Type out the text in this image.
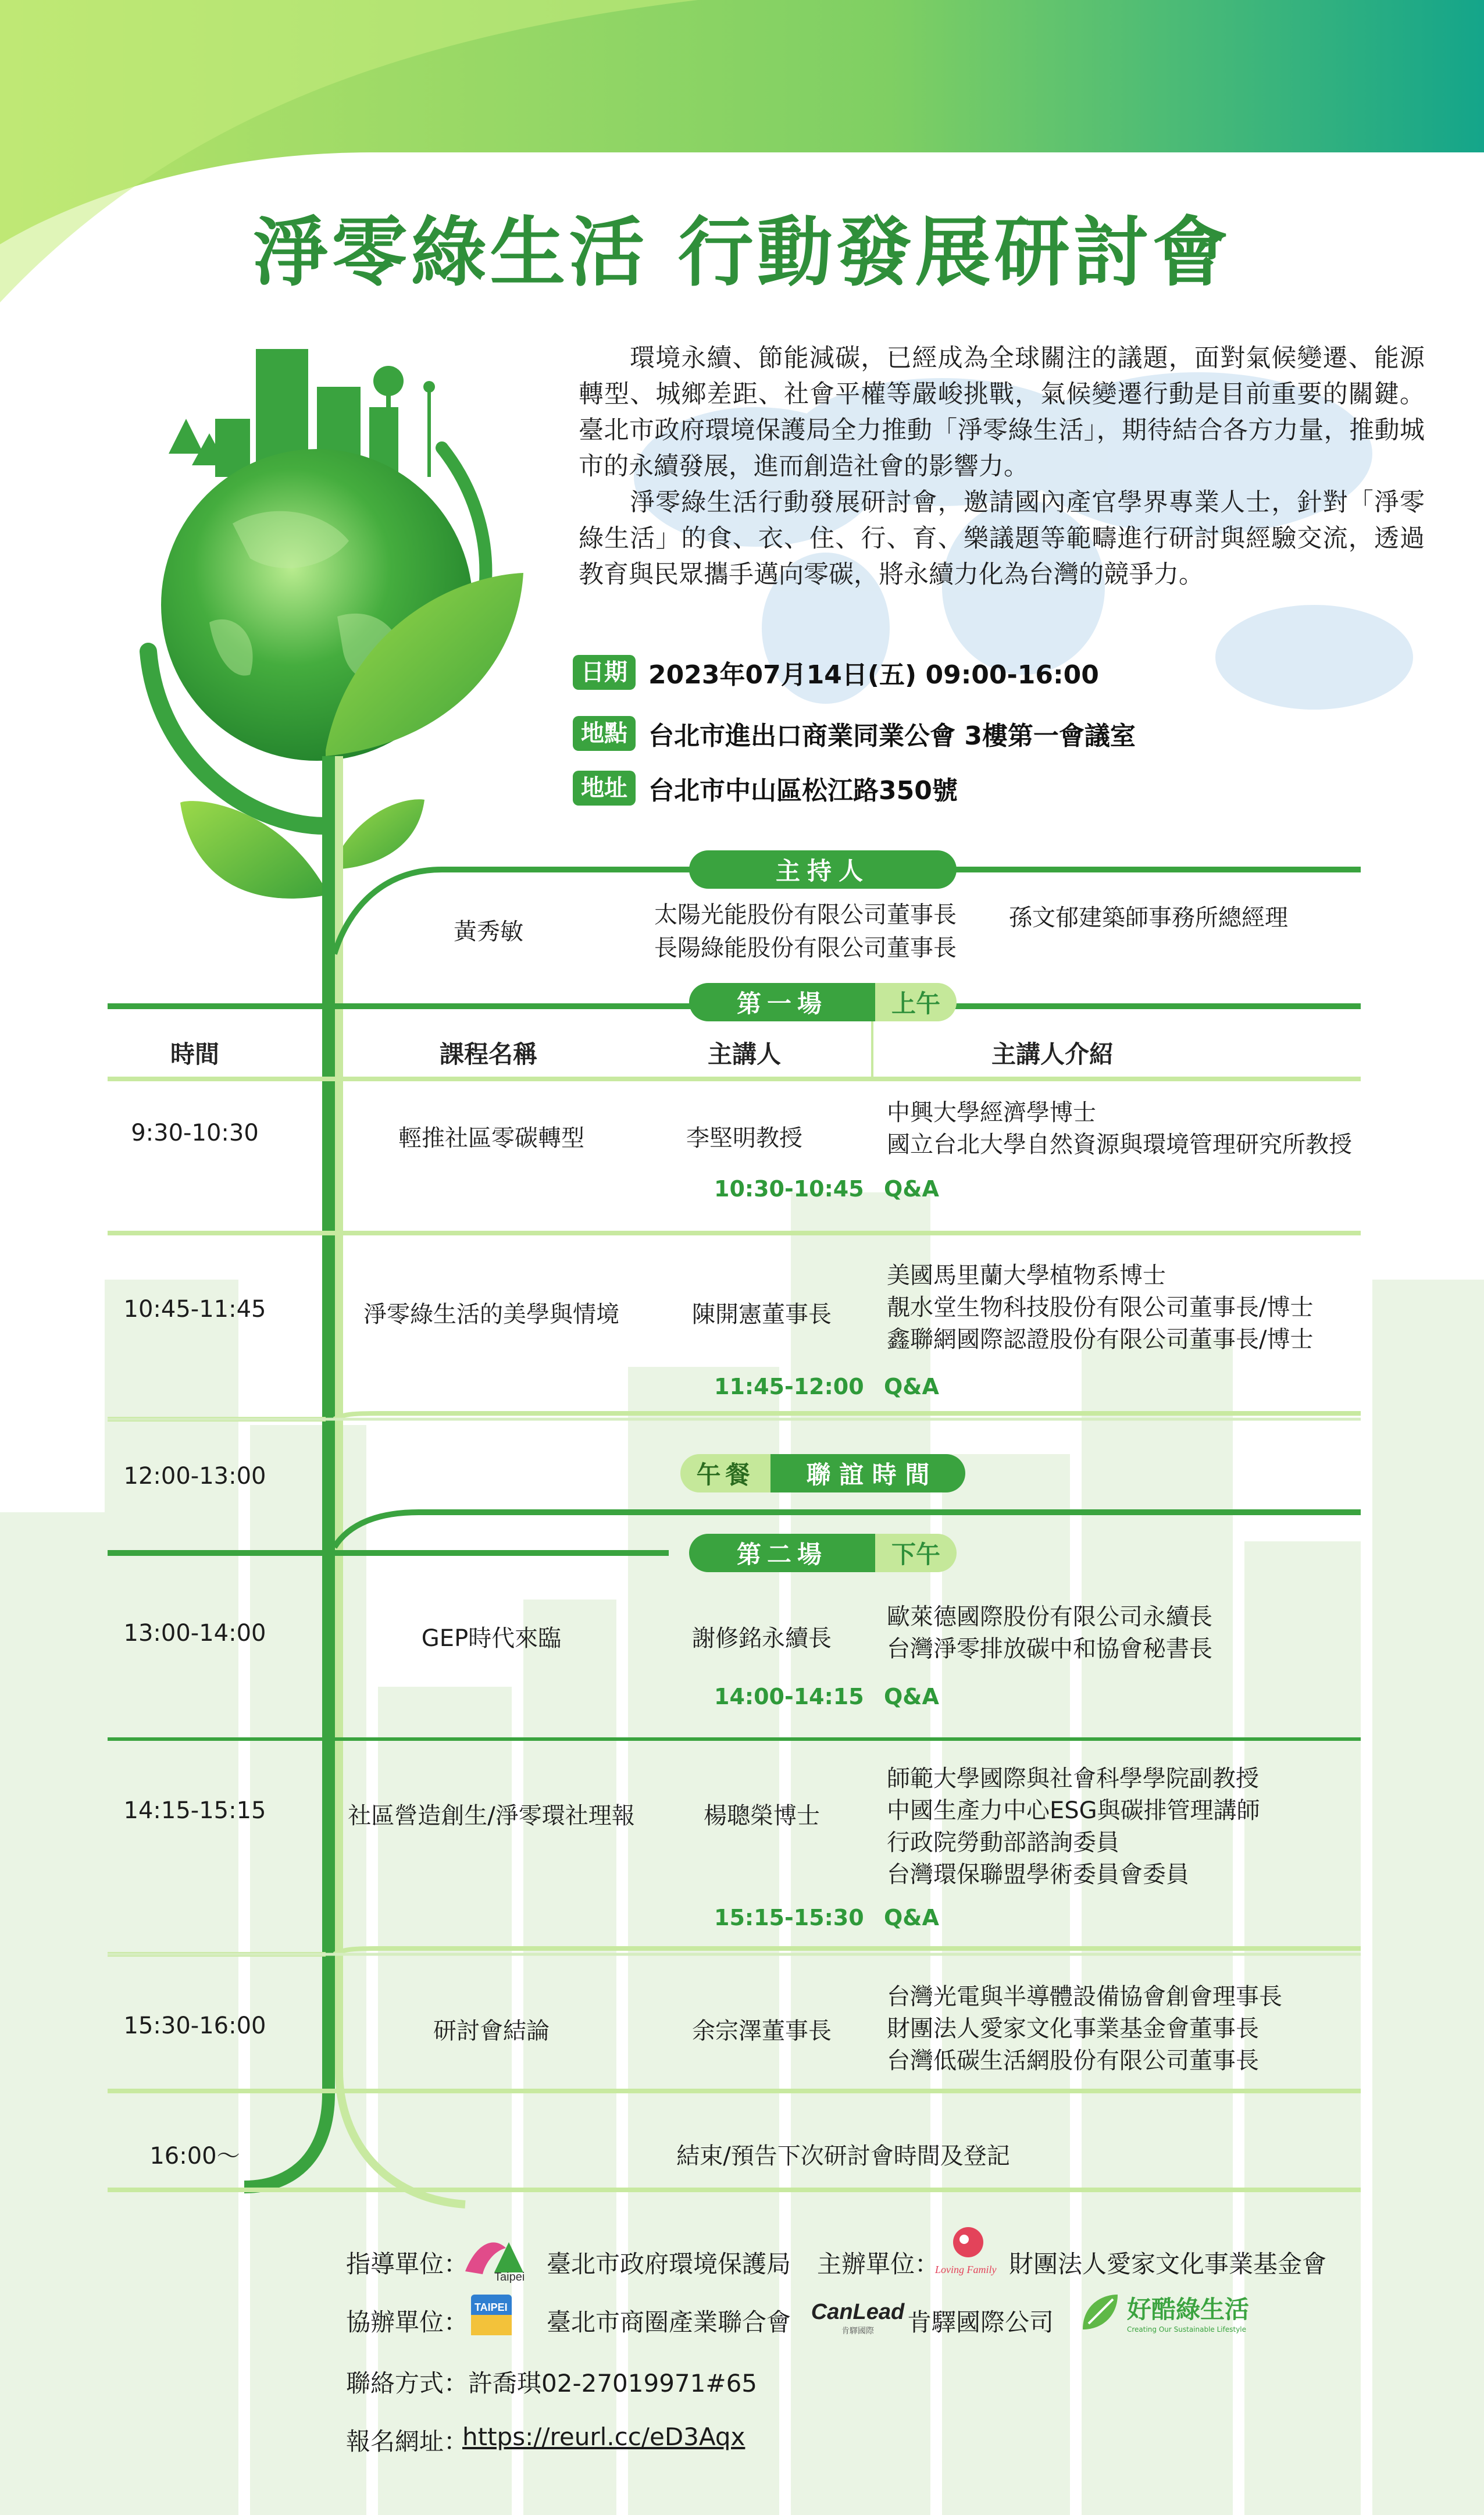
淨零綠生活 行動發展研討會

環境永續、節能減碳，已經成為全球關注的議題，面對氣候變遷、能源轉型、城鄉差距、社會平權等嚴峻挑戰，氣候變遷行動是目前重要的關鍵。臺北市政府環境保護局全力推動「淨零綠生活」，期待結合各方力量，推動城市的永續發展，進而創造社會的影響力。

淨零綠生活行動發展研討會，邀請國內產官學界專業人士，針對「淨零綠生活」的食、衣、住、行、育、樂議題等範疇進行研討與經驗交流，透過教育與民眾攜手邁向零碳，將永續力化為台灣的競爭力。

日期 2023年07月14日(五) 09:00-16:00
地點 台北市進出口商業同業公會 3樓第一會議室
地址 台北市中山區松江路350號
主持人
黃秀敏
太陽光能股份有限公司董事長
長陽綠能股份有限公司董事長
孫文郁建築師事務所總經理
第一場	上午
時間	課程名稱	主講人	主講人介紹
9:30-10:30	輕推社區零碳轉型	李堅明教授
中興大學經濟學博士
國立台北大學自然資源與環境管理研究所教授
10:30-10:45 Q&A
10:45-11:45	淨零綠生活的美學與情境	陳開憲董事長
美國馬里蘭大學植物系博士
靚水堂生物科技股份有限公司董事長/博士
鑫聯網國際認證股份有限公司董事長/博士
11:45-12:00 Q&A
12:00-13:00	午餐	聯 誼 時 間
第二場	下午
13:00-14:00	GEP時代來臨	謝修銘永續長
歐萊德國際股份有限公司永續長
台灣淨零排放碳中和協會秘書長
14:00-14:15 Q&A
14:15-15:15	社區營造創生/淨零環社理報	楊聰榮博士
師範大學國際與社會科學學院副教授
中國生產力中心ESG與碳排管理講師
行政院勞動部諮詢委員
台灣環保聯盟學術委員會委員
15:15-15:30 Q&A
15:30-16:00	研討會結論	余宗澤董事長
台灣光電與半導體設備協會創會理事長
財團法人愛家文化事業基金會董事長
台灣低碳生活網股份有限公司董事長
16:00～	結束/預告下次研討會時間及登記
指導單位： Taipei 臺北市政府環境保護局 主辦單位：
Loving Family 財團法人愛家文化事業基金會
協辦單位：
TAIPEI
臺北市商圈產業聯合會 CanLead
肯驛國際 肯驛國際公司	好酷綠生活
Creating Our Sustainable Lifestyle
聯絡方式：許喬琪02-27019971#65
報名網址：
https://reurl.cc/eD3Aqx
